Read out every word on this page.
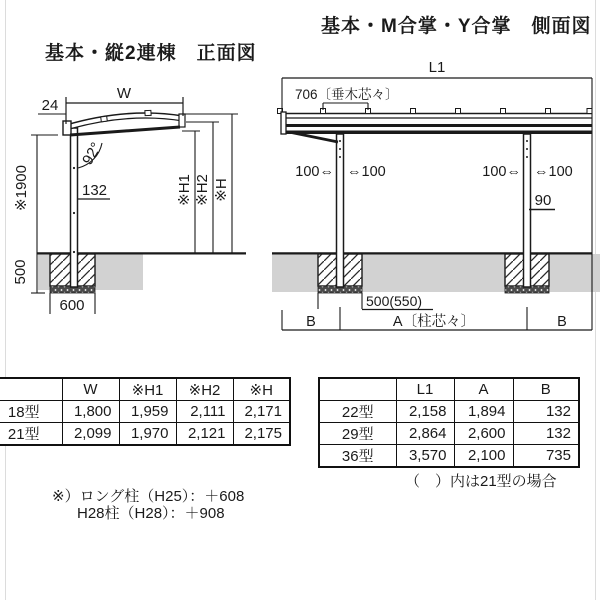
基本・縦2連棟　正面図
基本・M合掌・Y合掌　側面図
92°
W
24
※1900	132	※H1 ※H2 ※H
500
600
L1
706〔垂木芯々〕
100⇔ ⇔100	100⇔ ⇔100
90
500(550)
B	A〔柱芯々〕	B
	W	※H1	※H2	※H
18型	1,800	1,959	2,111	2,171
21型	2,099	1,970	2,121	2,175
	L1	A	B
22型	2,158	1,894	132
29型	2,864	2,600	132
36型	3,570	2,100	735
（　）内は21型の場合
※）ロング柱（H25）：＋608
H28柱（H28）：＋908
